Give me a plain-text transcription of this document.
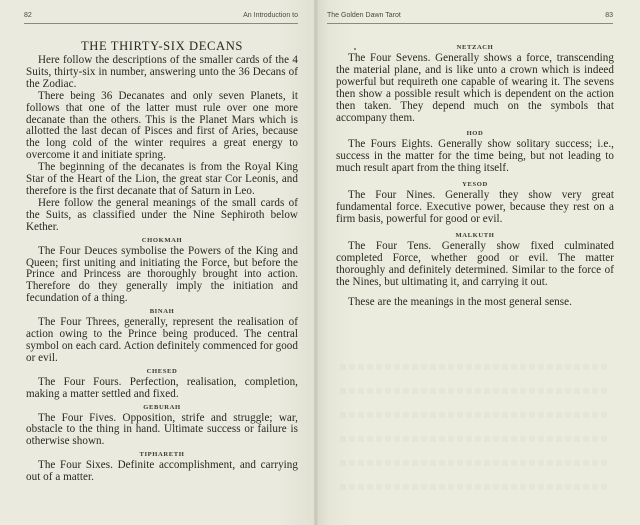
82	An Introduction to
THE THIRTY-SIX DECANS

Here follow the descriptions of the smaller cards of the 4 Suits, thirty-six in number, answering unto the 36 Decans of the Zodiac.

There being 36 Decanates and only seven Planets, it follows that one of the latter must rule over one more decanate than the others. This is the Planet Mars which is allotted the last decan of Pisces and first of Aries, because the long cold of the winter requires a great energy to overcome it and initiate spring.

The beginning of the decanates is from the Royal King Star of the Heart of the Lion, the great star Cor Leonis, and therefore is the first decanate that of Saturn in Leo.

Here follow the general meanings of the small cards of the Suits, as classified under the Nine Sephiroth below Kether.

CHOKMAH

The Four Deuces symbolise the Powers of the King and Queen; first uniting and initiating the Force, but before the Prince and Princess are thoroughly brought into action. Therefore do they generally imply the initiation and fecundation of a thing.

BINAH

The Four Threes, generally, represent the realisation of action owing to the Prince being produced. The central symbol on each card. Action definitely commenced for good or evil.

CHESED

The Four Fours. Perfection, realisation, completion, making a matter settled and fixed.

GEBURAH

The Four Fives. Opposition, strife and struggle; war, obstacle to the thing in hand. Ultimate success or failure is otherwise shown.

TIPHARETH

The Four Sixes. Definite accomplishment, and carrying out of a matter.

The Golden Dawn Tarot	83
NETZACH

The Four Sevens. Generally shows a force, transcending the material plane, and is like unto a crown which is indeed powerful but requireth one capable of wearing it. The sevens then show a possible result which is dependent on the action then taken. They depend much on the symbols that accompany them.

HOD

The Fours Eights. Generally show solitary success; i.e., success in the matter for the time being, but not leading to much result apart from the thing itself.

YESOD

The Four Nines. Generally they show very great fundamental force. Executive power, because they rest on a firm basis, powerful for good or evil.

MALKUTH

The Four Tens. Generally show fixed culminated completed Force, whether good or evil. The matter thoroughly and definitely determined. Similar to the force of the Nines, but ultimating it, and carrying it out.

These are the meanings in the most general sense.
